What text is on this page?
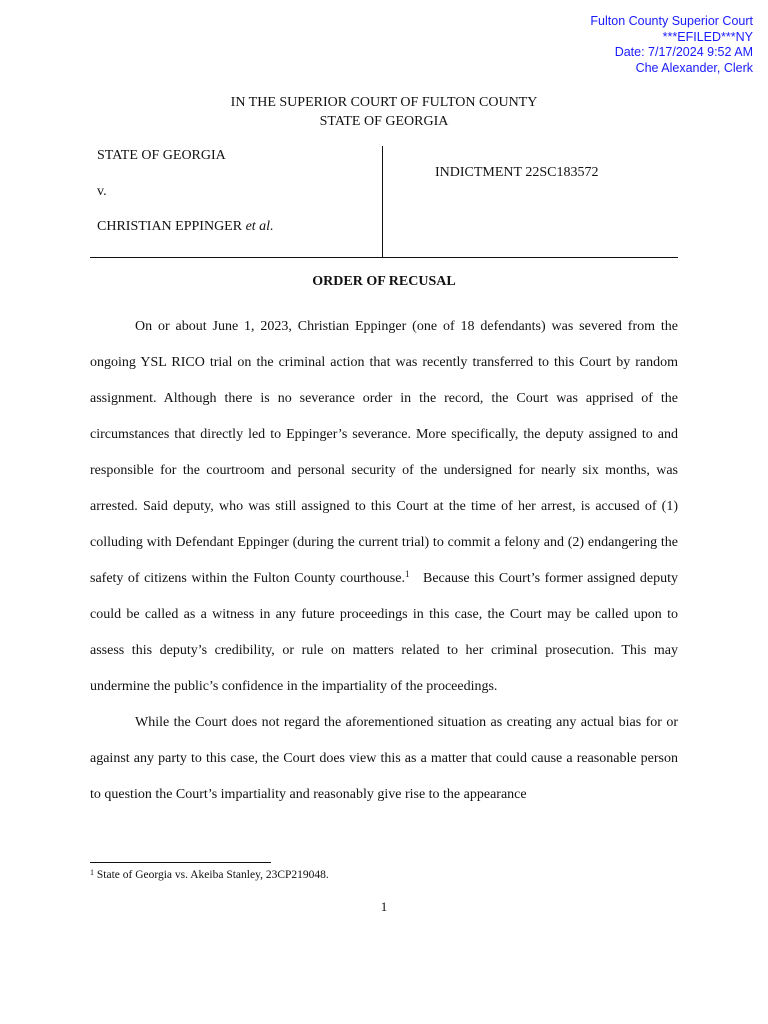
Fulton County Superior Court
***EFILED***NY
Date: 7/17/2024 9:52 AM
Che Alexander, Clerk
IN THE SUPERIOR COURT OF FULTON COUNTY
STATE OF GEORGIA
STATE OF GEORGIA
v.
CHRISTIAN EPPINGER et al.
INDICTMENT 22SC183572
ORDER OF RECUSAL

On or about June 1, 2023, Christian Eppinger (one of 18 defendants) was severed from the ongoing YSL RICO trial on the criminal action that was recently transferred to this Court by random assignment. Although there is no severance order in the record, the Court was apprised of the circumstances that directly led to Eppinger’s severance. More specifically, the deputy assigned to and responsible for the courtroom and personal security of the undersigned for nearly six months, was arrested. Said deputy, who was still assigned to this Court at the time of her arrest, is accused of (1) colluding with Defendant Eppinger (during the current trial) to commit a felony and (2) endangering the safety of citizens within the Fulton County courthouse.$^1$   Because this Court’s former assigned deputy could be called as a witness in any future proceedings in this case, the Court may be called upon to assess this deputy’s credibility, or rule on matters related to her criminal prosecution. This may undermine the public’s confidence in the impartiality of the proceedings.

While the Court does not regard the aforementioned situation as creating any actual bias for or against any party to this case, the Court does view this as a matter that could cause a reasonable person to question the Court’s impartiality and reasonably give rise to the appearance

$^1$ State of Georgia vs. Akeiba Stanley, 23CP219048.
1
